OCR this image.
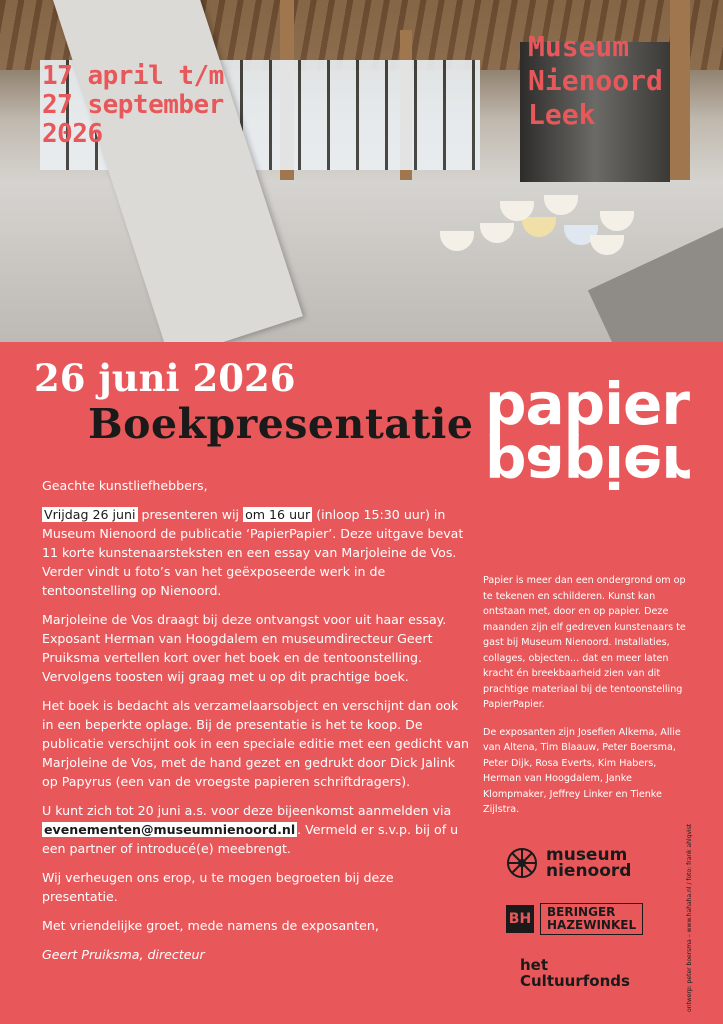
17 april t/m
27 september
2026
Museum
Nienoord
Leek
26 juni 2026
Boekpresentatie papier
papier

Geachte kunstliefhebbers,

Vrijdag 26 juni presenteren wij om 16 uur (inloop 15:30 uur) in Museum Nienoord de publicatie ‘PapierPapier’. Deze uitgave bevat 11 korte kunstenaarsteksten en een essay van Marjoleine de Vos. Verder vindt u foto’s van het geëxposeerde werk in de tentoonstelling op Nienoord.

Marjoleine de Vos draagt bij deze ontvangst voor uit haar essay. Exposant Herman van Hoogdalem en museumdirecteur Geert Pruiksma vertellen kort over het boek en de tentoonstelling. Vervolgens toosten wij graag met u op dit prachtige boek.

Het boek is bedacht als verzamelaarsobject en verschijnt dan ook in een beperkte oplage. Bij de presentatie is het te koop. De publicatie verschijnt ook in een speciale editie met een gedicht van Marjoleine de Vos, met de hand gezet en gedrukt door Dick Jalink op Papyrus (een van de vroegste papieren schriftdragers).

U kunt zich tot 20 juni a.s. voor deze bijeenkomst aanmelden via evenementen@museumnienoord.nl . Vermeld er s.v.p. bij of u een partner of introducé(e) meebrengt.

Wij verheugen ons erop, u te mogen begroeten bij deze presentatie.

Met vriendelijke groet, mede namens de exposanten,

Geert Pruiksma, directeur

Papier is meer dan een ondergrond om op te tekenen en schilderen. Kunst kan ontstaan met, door en op papier. Deze maanden zijn elf gedreven kunstenaars te gast bij Museum Nienoord. Installaties, collages, objecten... dat en meer laten kracht én breekbaarheid zien van dit prachtige materiaal bij de tentoonstelling PapierPapier.

De exposanten zijn Josefien Alkema, Allie van Altena, Tim Blaauw, Peter Boersma, Peter Dijk, Rosa Everts, Kim Habers, Herman van Hoogdalem, Janke Klompmaker, Jeffrey Linker en Tienke Zijlstra.

museum
nienoord
BH BERINGER
HAZEWINKEL
het
Cultuurfonds	ontwerp: peter boersma – www.hahaha.nl / foto: frank ahlqvist
